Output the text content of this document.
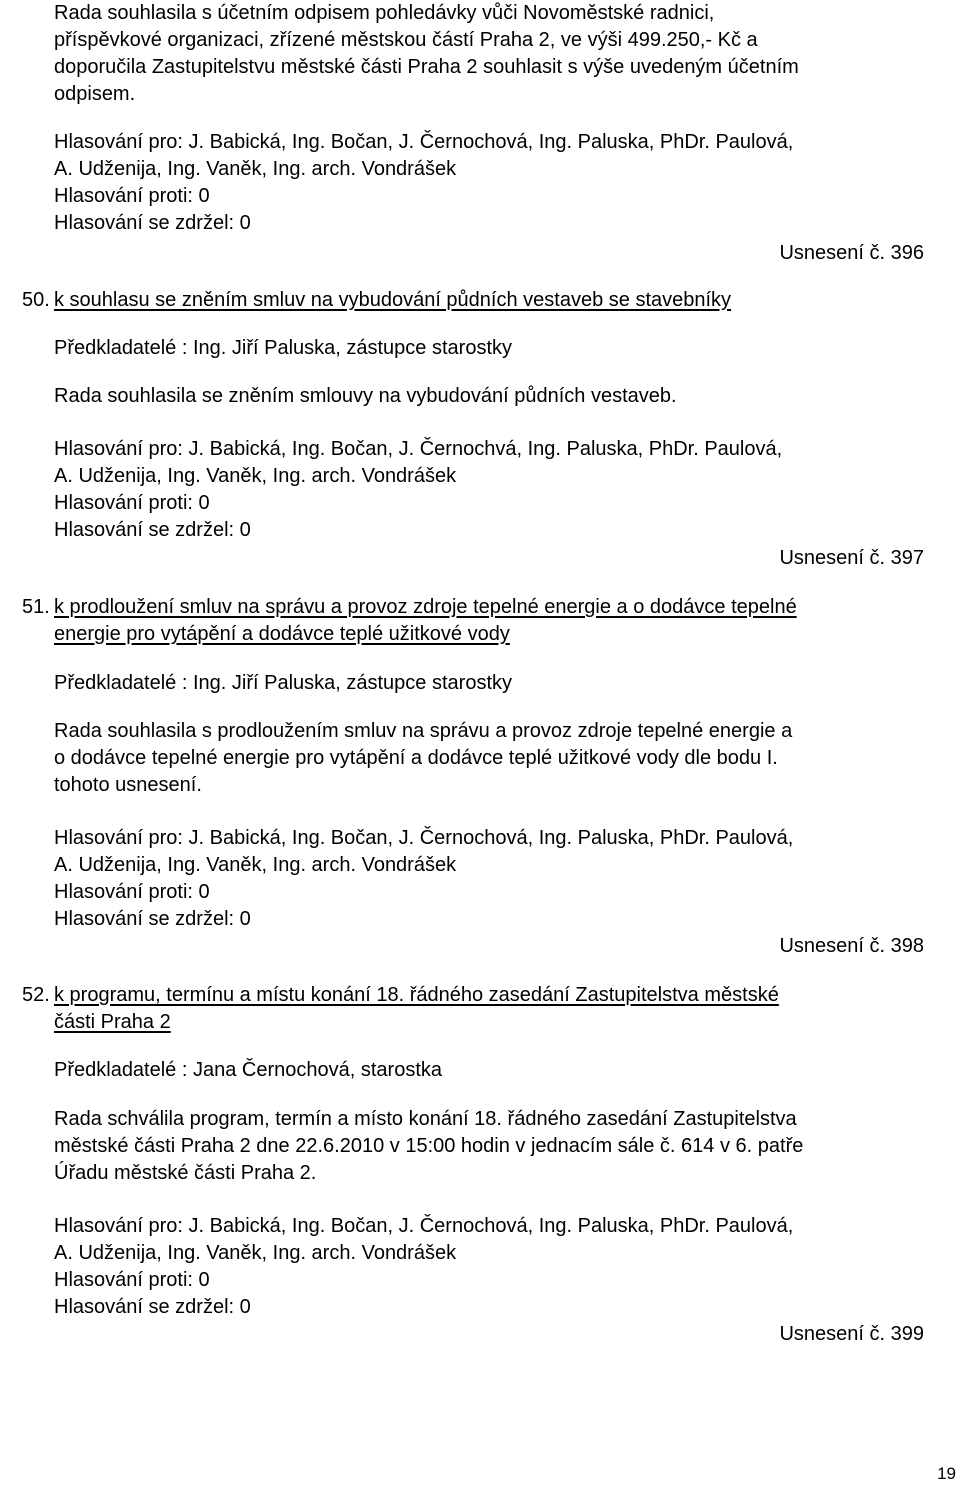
Rada souhlasila s účetním odpisem pohledávky vůči Novoměstské radnici,
příspěvkové organizaci, zřízené městskou částí Praha 2, ve výši 499.250,- Kč a
doporučila Zastupitelstvu městské části Praha 2 souhlasit s výše uvedeným účetním
odpisem.
Hlasování pro: J. Babická, Ing. Bočan, J. Černochová, Ing. Paluska, PhDr. Paulová,
A. Udženija, Ing. Vaněk, Ing. arch. Vondrášek
Hlasování proti: 0
Hlasování se zdržel: 0
Usnesení č. 396
50. k souhlasu se zněním smluv na vybudování půdních vestaveb se stavebníky
Předkladatelé : Ing. Jiří Paluska, zástupce starostky
Rada souhlasila se zněním smlouvy na vybudování půdních vestaveb.
Hlasování pro: J. Babická, Ing. Bočan, J. Černochvá, Ing. Paluska, PhDr. Paulová,
A. Udženija, Ing. Vaněk, Ing. arch. Vondrášek
Hlasování proti: 0
Hlasování se zdržel: 0
Usnesení č. 397
51. k prodloužení smluv na správu a provoz zdroje tepelné energie a o dodávce tepelné
energie pro vytápění a dodávce teplé užitkové vody
Předkladatelé : Ing. Jiří Paluska, zástupce starostky
Rada souhlasila s prodloužením smluv na správu a provoz zdroje tepelné energie a
o dodávce tepelné energie pro vytápění a dodávce teplé užitkové vody dle bodu I.
tohoto usnesení.
Hlasování pro: J. Babická, Ing. Bočan, J. Černochová, Ing. Paluska, PhDr. Paulová,
A. Udženija, Ing. Vaněk, Ing. arch. Vondrášek
Hlasování proti: 0
Hlasování se zdržel: 0
Usnesení č. 398
52. k programu, termínu a místu konání 18. řádného zasedání Zastupitelstva městské
části Praha 2
Předkladatelé : Jana Černochová, starostka
Rada schválila program, termín a místo konání 18. řádného zasedání Zastupitelstva
městské části Praha 2 dne 22.6.2010 v 15:00 hodin v jednacím sále č. 614 v 6. patře
Úřadu městské části Praha 2.
Hlasování pro: J. Babická, Ing. Bočan, J. Černochová, Ing. Paluska, PhDr. Paulová,
A. Udženija, Ing. Vaněk, Ing. arch. Vondrášek
Hlasování proti: 0
Hlasování se zdržel: 0
Usnesení č. 399
19
